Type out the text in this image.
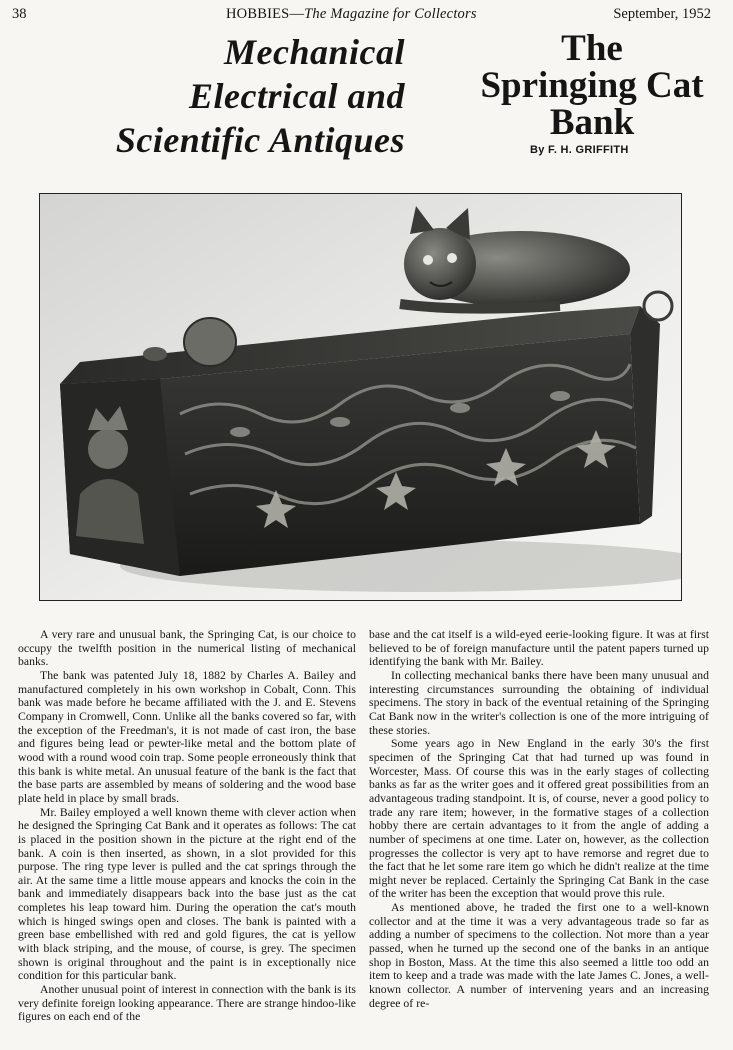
38	HOBBIES—The Magazine for Collectors	September, 1952
Mechanical
Electrical and
Scientific Antiques
The
Springing Cat
Bank
By F. H. GRIFFITH

A very rare and unusual bank, the Springing Cat, is our choice to occupy the twelfth position in the numerical listing of mechanical banks.

The bank was patented July 18, 1882 by Charles A. Bailey and manufactured completely in his own workshop in Cobalt, Conn. This bank was made before he became affiliated with the J. and E. Stevens Company in Cromwell, Conn. Unlike all the banks covered so far, with the exception of the Freedman's, it is not made of cast iron, the base and figures being lead or pewter-like metal and the bottom plate of wood with a round wood coin trap. Some people erroneously think that this bank is white metal. An unusual feature of the bank is the fact that the base parts are assembled by means of soldering and the wood base plate held in place by small brads.

Mr. Bailey employed a well known theme with clever action when he designed the Springing Cat Bank and it operates as follows: The cat is placed in the position shown in the picture at the right end of the bank. A coin is then inserted, as shown, in a slot provided for this purpose. The ring type lever is pulled and the cat springs through the air. At the same time a little mouse appears and knocks the coin in the bank and immediately disappears back into the base just as the cat completes his leap toward him. During the operation the cat's mouth which is hinged swings open and closes. The bank is painted with a green base embellished with red and gold figures, the cat is yellow with black striping, and the mouse, of course, is grey. The specimen shown is original throughout and the paint is in exceptionally nice condition for this particular bank.

Another unusual point of interest in connection with the bank is its very definite foreign looking appearance. There are strange hindoo-like figures on each end of the

base and the cat itself is a wild-eyed eerie-looking figure. It was at first believed to be of foreign manufacture until the patent papers turned up identifying the bank with Mr. Bailey.

In collecting mechanical banks there have been many unusual and interesting circumstances surrounding the obtaining of individual specimens. The story in back of the eventual retaining of the Springing Cat Bank now in the writer's collection is one of the more intriguing of these stories.

Some years ago in New England in the early 30's the first specimen of the Springing Cat that had turned up was found in Worcester, Mass. Of course this was in the early stages of collecting banks as far as the writer goes and it offered great possibilities from an advantageous trading standpoint. It is, of course, never a good policy to trade any rare item; however, in the formative stages of a collection hobby there are certain advantages to it from the angle of adding a number of specimens at one time. Later on, however, as the collection progresses the collector is very apt to have remorse and regret due to the fact that he let some rare item go which he didn't realize at the time might never be replaced. Certainly the Springing Cat Bank in the case of the writer has been the exception that would prove this rule.

As mentioned above, he traded the first one to a well-known collector and at the time it was a very advantageous trade so far as adding a number of specimens to the collection. Not more than a year passed, when he turned up the second one of the banks in an antique shop in Boston, Mass. At the time this also seemed a little too odd an item to keep and a trade was made with the late James C. Jones, a well-known collector. A number of intervening years and an increasing degree of re-
